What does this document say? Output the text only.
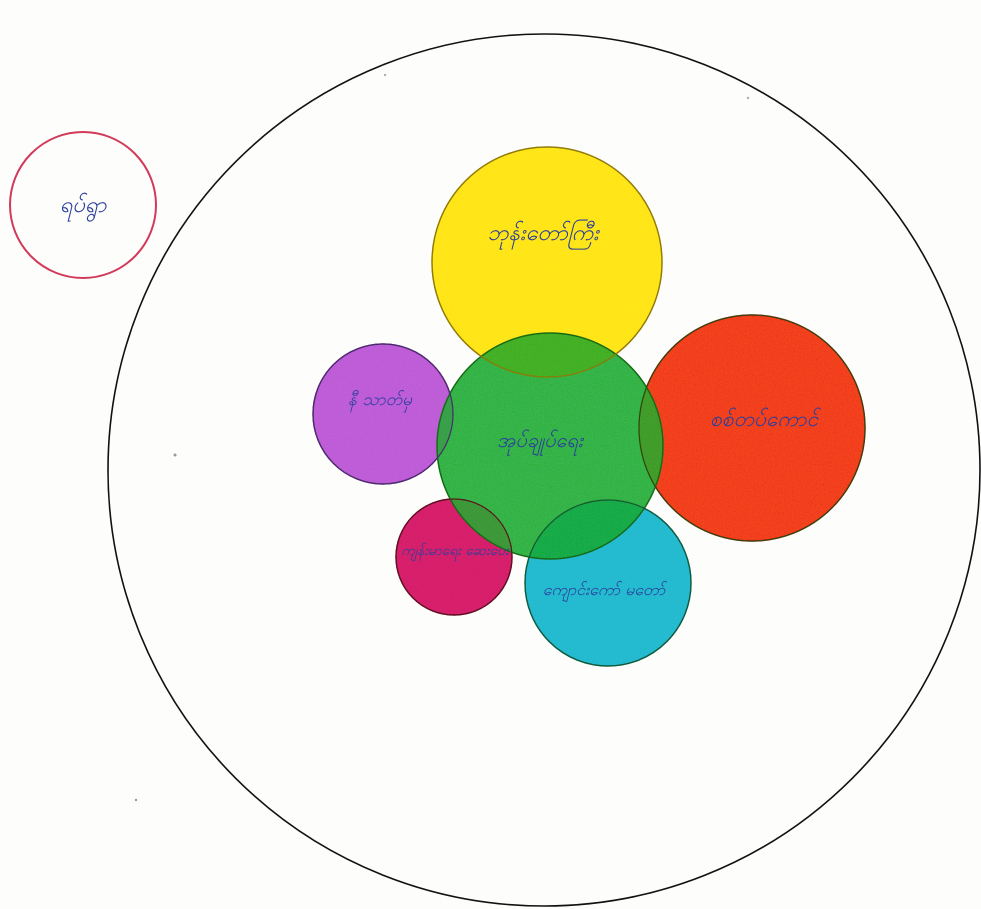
ရပ်ရွာ
ဘုန်းတော်ကြီး
အုပ်ချုပ်ရေး
စစ်တပ်ကောင်
နီ သာတ်မှ
ကျန်းမာရေး ဆေးပေး
ကျောင်းကော် မတော်
